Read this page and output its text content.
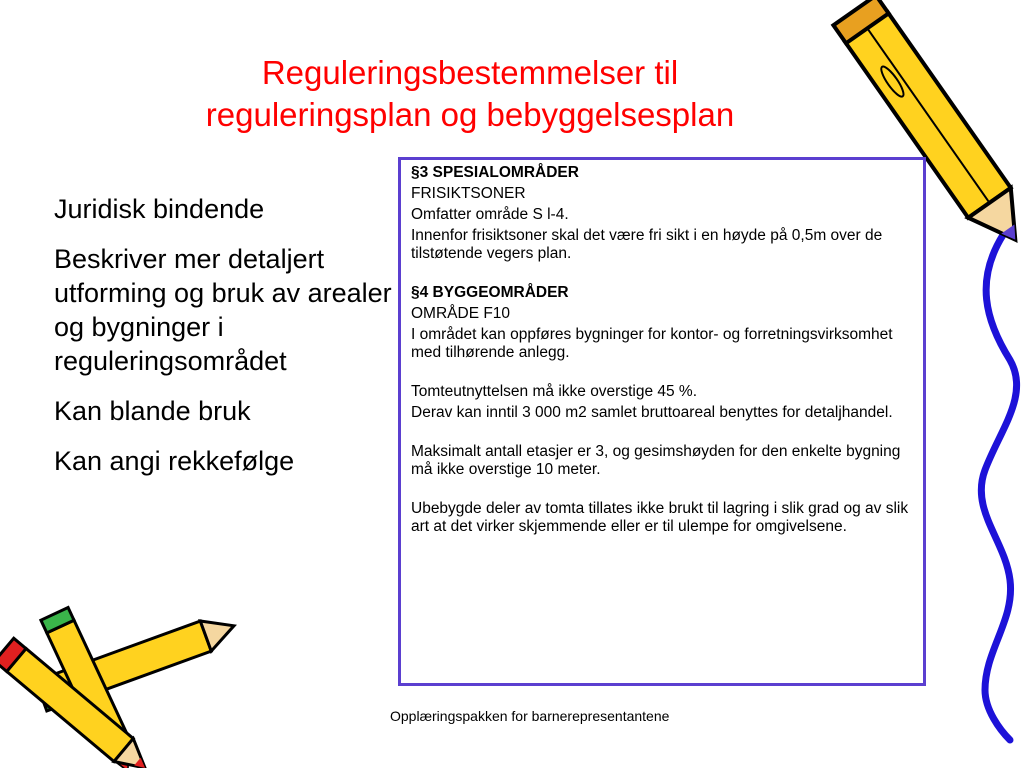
Reguleringsbestemmelser til
reguleringsplan og bebyggelsesplan

Juridisk bindende

Beskriver mer detaljert utforming og bruk av arealer og bygninger i reguleringsområdet

Kan blande bruk

Kan angi rekkefølge

§3 SPESIALOMRÅDER

FRISIKTSONER

Omfatter område S l-4.

Innenfor frisiktsoner skal det være fri sikt i en høyde på 0,5m over de tilstøtende vegers plan.

§4 BYGGEOMRÅDER

OMRÅDE F10

I området kan oppføres bygninger for kontor- og forretningsvirksomhet med tilhørende anlegg.

Tomteutnyttelsen må ikke overstige 45 %.

Derav kan inntil 3 000 m2 samlet bruttoareal benyttes for detaljhandel.

Maksimalt antall etasjer er 3, og gesimshøyden for den enkelte bygning må ikke overstige 10 meter.

Ubebygde deler av tomta tillates ikke brukt til lagring i slik grad og av slik art at det virker skjemmende eller er til ulempe for omgivelsene.

Opplæringspakken for barnerepresentantene
